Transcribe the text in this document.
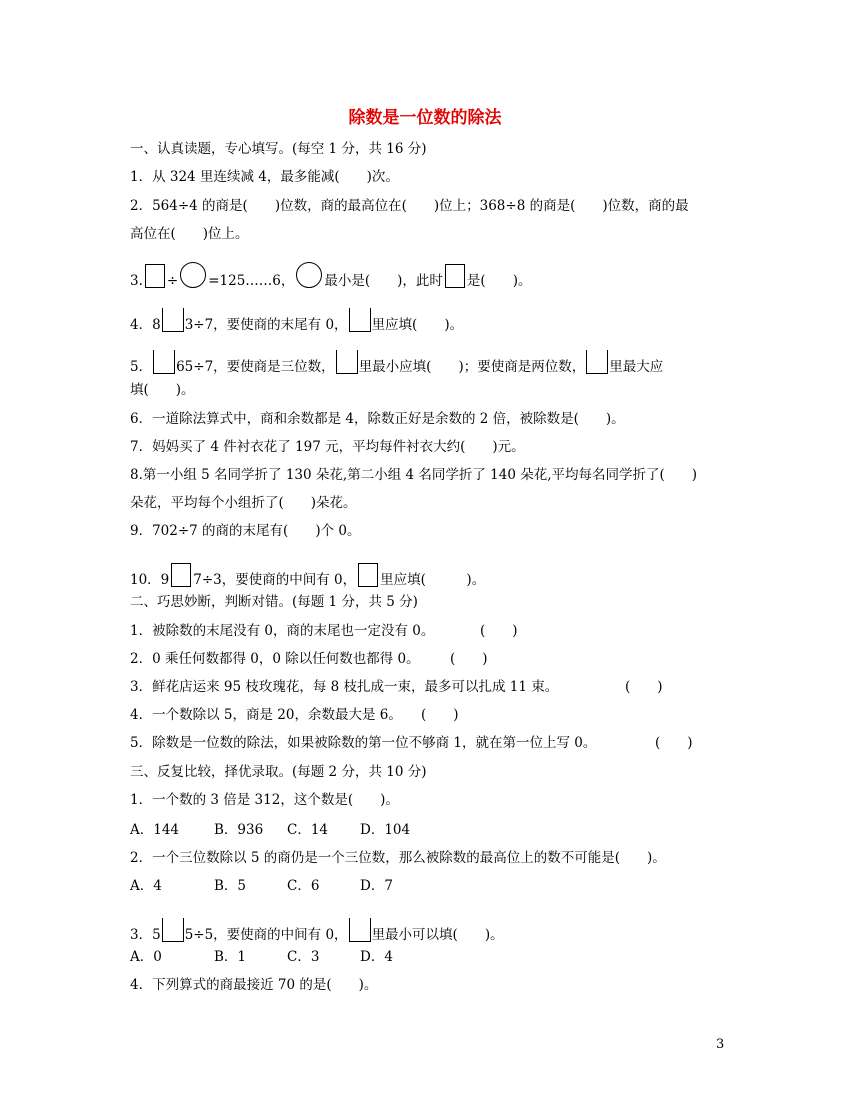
除数是一位数的除法
一、认真读题，专心填写。(每空 1 分，共 16 分)
1．从 324 里连续减 4，最多能减(　　)次。
2．564÷4 的商是(　　)位数，商的最高位在(　　)位上；368÷8 的商是(　　)位数，商的最
高位在(　　)位上。
3. ÷ =125……6， 最小是(　　)，此时 是(　　)。
4．8 3÷7，要使商的末尾有 0， 里应填(　　)。
5． 65÷7，要使商是三位数， 里最小应填(　　)；要使商是两位数， 里最大应
填(　　)。
6．一道除法算式中，商和余数都是 4，除数正好是余数的 2 倍，被除数是(　　)。
7．妈妈买了 4 件衬衣花了 197 元，平均每件衬衣大约(　　)元。
8.第一小组 5 名同学折了 130 朵花,第二小组 4 名同学折了 140 朵花,平均每名同学折了(　　)
朵花，平均每个小组折了(　　)朵花。
9．702÷7 的商的末尾有(　　)个 0。
10．9 7÷3，要使商的中间有 0， 里应填(　　　)。
二、巧思妙断，判断对错。(每题 1 分，共 5 分)
1．被除数的末尾没有 0，商的末尾也一定没有 0。	(　　)
2．0 乘任何数都得 0，0 除以任何数也都得 0。 (　　)
3．鲜花店运来 95 枝玫瑰花，每 8 枝扎成一束，最多可以扎成 11 束。	(　　)
4．一个数除以 5，商是 20，余数最大是 6。 (　　)
5．除数是一位数的除法，如果被除数的第一位不够商 1，就在第一位上写 0。	(　　)
三、反复比较，择优录取。(每题 2 分，共 10 分)
1．一个数的 3 倍是 312，这个数是(　　)。
A．144	B．936 C．14 D．104
2．一个三位数除以 5 的商仍是一个三位数，那么被除数的最高位上的数不可能是(　　)。
A．4	B．5	C．6	D．7
3．5 5÷5，要使商的中间有 0， 里最小可以填(　　)。
A．0	B．1	C．3	D．4
4．下列算式的商最接近 70 的是(　　)。
3
